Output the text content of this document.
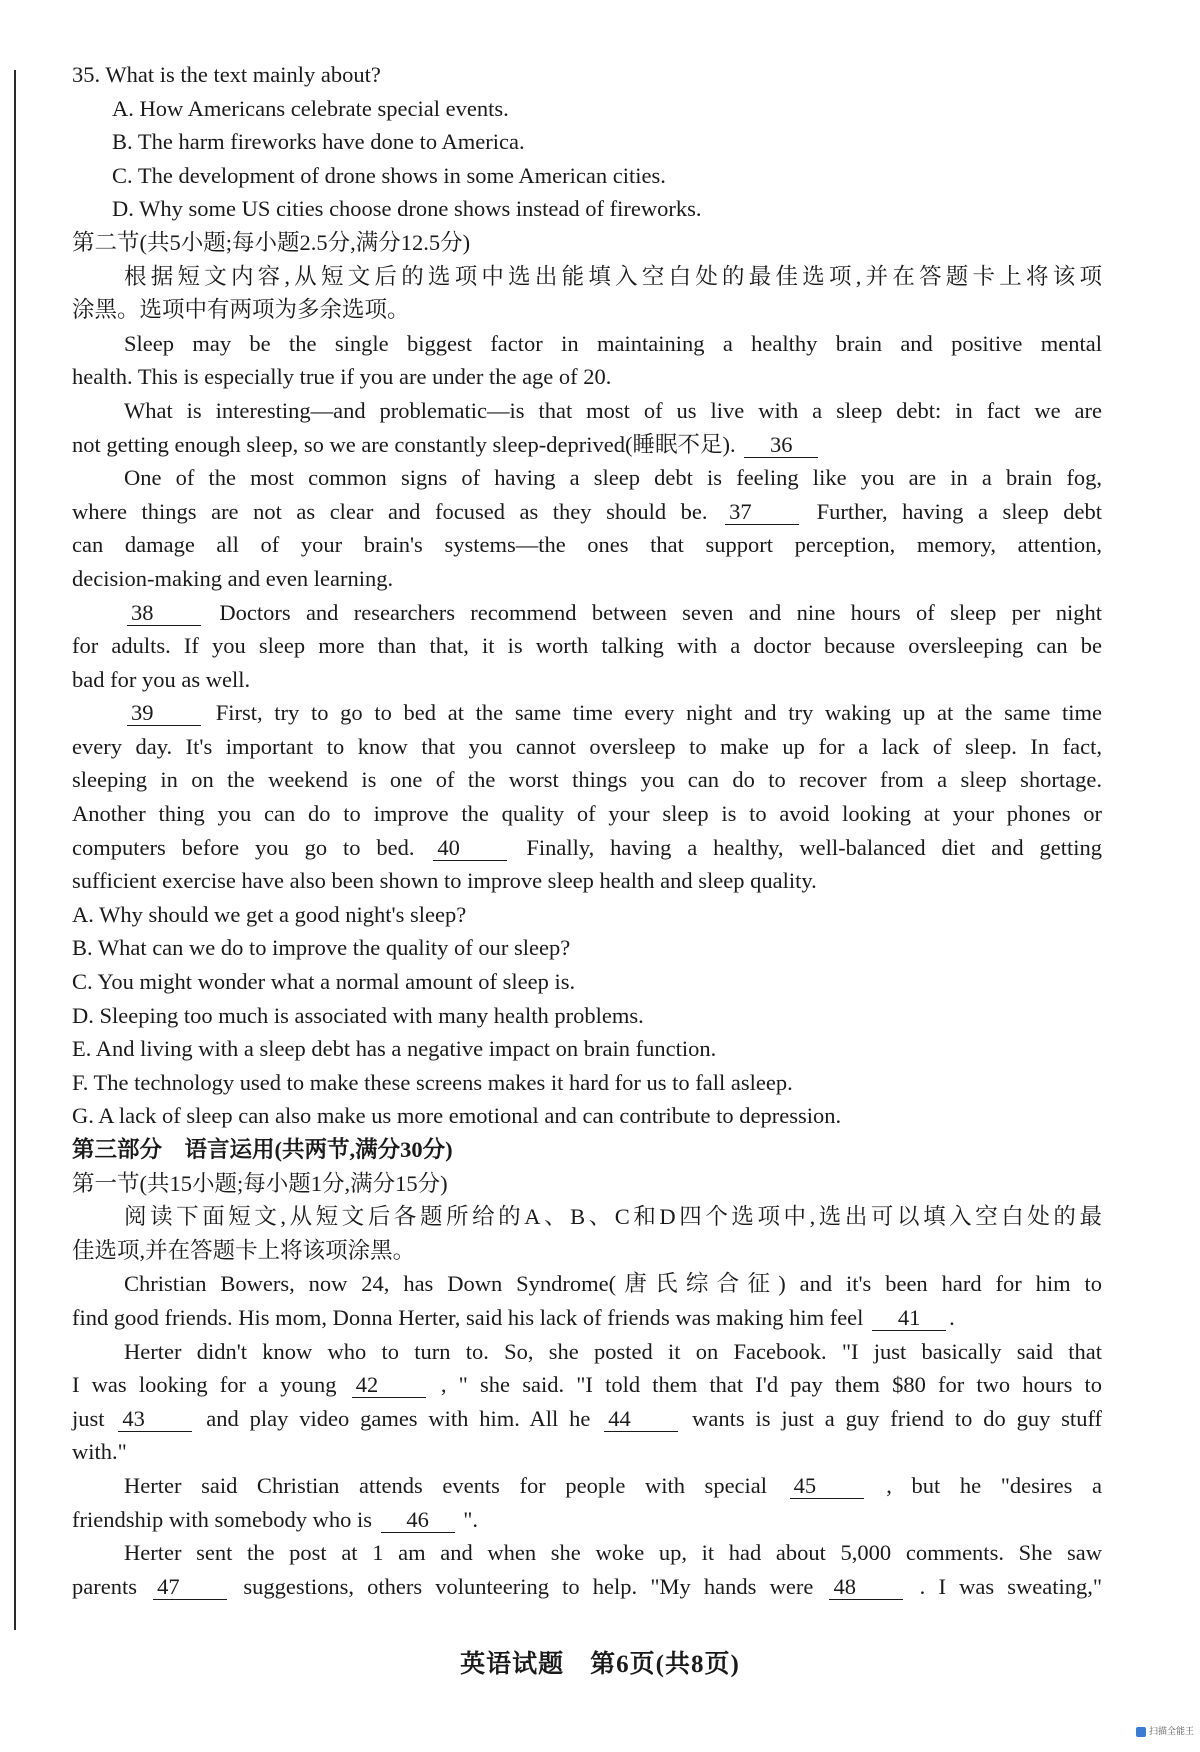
35. What is the text mainly about?
A. How Americans celebrate special events.
B. The harm fireworks have done to America.
C. The development of drone shows in some American cities.
D. Why some US cities choose drone shows instead of fireworks.
第二节(共5小题;每小题2.5分,满分12.5分)
根据短文内容,从短文后的选项中选出能填入空白处的最佳选项,并在答题卡上将该项
涂黑。选项中有两项为多余选项。
Sleep may be the single biggest factor in maintaining a healthy brain and positive mental
health. This is especially true if you are under the age of 20.
What is interesting—and problematic—is that most of us live with a sleep debt: in fact we are
not getting enough sleep, so we are constantly sleep-deprived(睡眠不足). 36
One of the most common signs of having a sleep debt is feeling like you are in a brain fog,
where things are not as clear and focused as they should be. 37	Further, having a sleep debt
can damage all of your brain's systems—the ones that support perception, memory, attention,
decision-making and even learning.
38	Doctors and researchers recommend between seven and nine hours of sleep per night
for adults. If you sleep more than that, it is worth talking with a doctor because oversleeping can be
bad for you as well.
39	First, try to go to bed at the same time every night and try waking up at the same time
every day. It's important to know that you cannot oversleep to make up for a lack of sleep. In fact,
sleeping in on the weekend is one of the worst things you can do to recover from a sleep shortage.
Another thing you can do to improve the quality of your sleep is to avoid looking at your phones or
computers before you go to bed. 40	Finally, having a healthy, well-balanced diet and getting
sufficient exercise have also been shown to improve sleep health and sleep quality.
A. Why should we get a good night's sleep?
B. What can we do to improve the quality of our sleep?
C. You might wonder what a normal amount of sleep is.
D. Sleeping too much is associated with many health problems.
E. And living with a sleep debt has a negative impact on brain function.
F. The technology used to make these screens makes it hard for us to fall asleep.
G. A lack of sleep can also make us more emotional and can contribute to depression.
第三部分　语言运用(共两节,满分30分)
第一节(共15小题;每小题1分,满分15分)
阅读下面短文,从短文后各题所给的A、B、C和D四个选项中,选出可以填入空白处的最
佳选项,并在答题卡上将该项涂黑。
Christian Bowers, now 24, has Down Syndrome(唐氏综合征) and it's been hard for him to
find good friends. His mom, Donna Herter, said his lack of friends was making him feel 41 .
Herter didn't know who to turn to. So, she posted it on Facebook. "I just basically said that
I was looking for a young 42	, " she said. "I told them that I'd pay them $80 for two hours to
just 43	and play video games with him. All he 44	wants is just a guy friend to do guy stuff
with."
Herter said Christian attends events for people with special 45	, but he "desires a
friendship with somebody who is 46 ".
Herter sent the post at 1 am and when she woke up, it had about 5,000 comments. She saw
parents 47	suggestions, others volunteering to help. "My hands were 48	. I was sweating,"
英语试题　第6页(共8页)
扫描全能王
